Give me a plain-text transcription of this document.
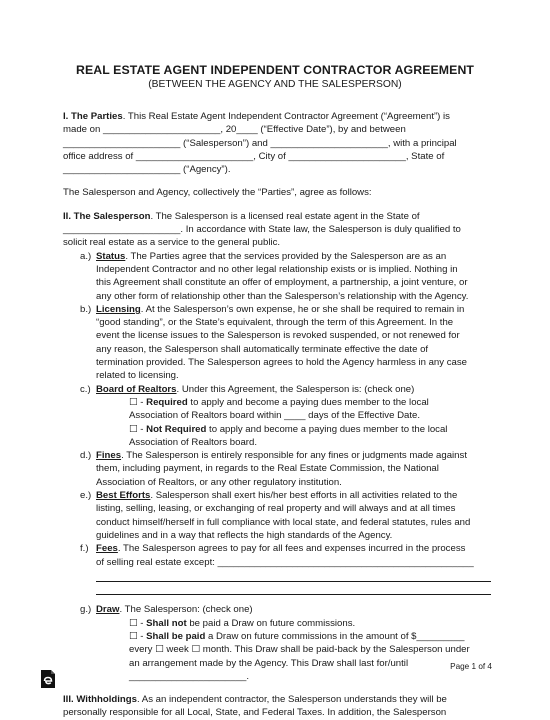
REAL ESTATE AGENT INDEPENDENT CONTRACTOR AGREEMENT
(BETWEEN THE AGENCY AND THE SALESPERSON)

I. The Parties. This Real Estate Agent Independent Contractor Agreement (“Agreement”) is

made on ______________________, 20____ (“Effective Date”), by and between

______________________ (“Salesperson”) and ______________________, with a principal

office address of ______________________, City of ______________________, State of

______________________ (“Agency”).

The Salesperson and Agency, collectively the “Parties”, agree as follows:

II. The Salesperson. The Salesperson is a licensed real estate agent in the State of

______________________. In accordance with State law, the Salesperson is duly qualified to

solicit real estate as a service to the general public.

a.) Status. The Parties agree that the services provided by the Salesperson are as an

Independent Contractor and no other legal relationship exists or is implied. Nothing in

this Agreement shall constitute an offer of employment, a partnership, a joint venture, or

any other form of relationship other than the Salesperson’s relationship with the Agency.

b.) Licensing. At the Salesperson’s own expense, he or she shall be required to remain in

“good standing”, or the State’s equivalent, through the term of this Agreement. In the

event the license issues to the Salesperson is revoked suspended, or not renewed for

any reason, the Salesperson shall automatically terminate effective the date of

termination provided. The Salesperson agrees to hold the Agency harmless in any case

related to licensing.

c.) Board of Realtors. Under this Agreement, the Salesperson is: (check one)

☐ - Required to apply and become a paying dues member to the local

Association of Realtors board within ____ days of the Effective Date.

☐ - Not Required to apply and become a paying dues member to the local

Association of Realtors board.

d.) Fines. The Salesperson is entirely responsible for any fines or judgments made against

them, including payment, in regards to the Real Estate Commission, the National

Association of Realtors, or any other regulatory institution.

e.) Best Efforts. Salesperson shall exert his/her best efforts in all activities related to the

listing, selling, leasing, or exchanging of real property and will always and at all times

conduct himself/herself in full compliance with local state, and federal statutes, rules and

guidelines and in a way that reflects the high standards of the Agency.

f.) Fees. The Salesperson agrees to pay for all fees and expenses incurred in the process

of selling real estate except: ________________________________________________

g.) Draw. The Salesperson: (check one)

☐ - Shall not be paid a Draw on future commissions.

☐ - Shall be paid a Draw on future commissions in the amount of $_________

every ☐ week ☐ month. This Draw shall be paid-back by the Salesperson under

an arrangement made by the Agency. This Draw shall last for/until

______________________.

III. Withholdings. As an independent contractor, the Salesperson understands they will be

personally responsible for all Local, State, and Federal Taxes. In addition, the Salesperson

Page 1 of 4
